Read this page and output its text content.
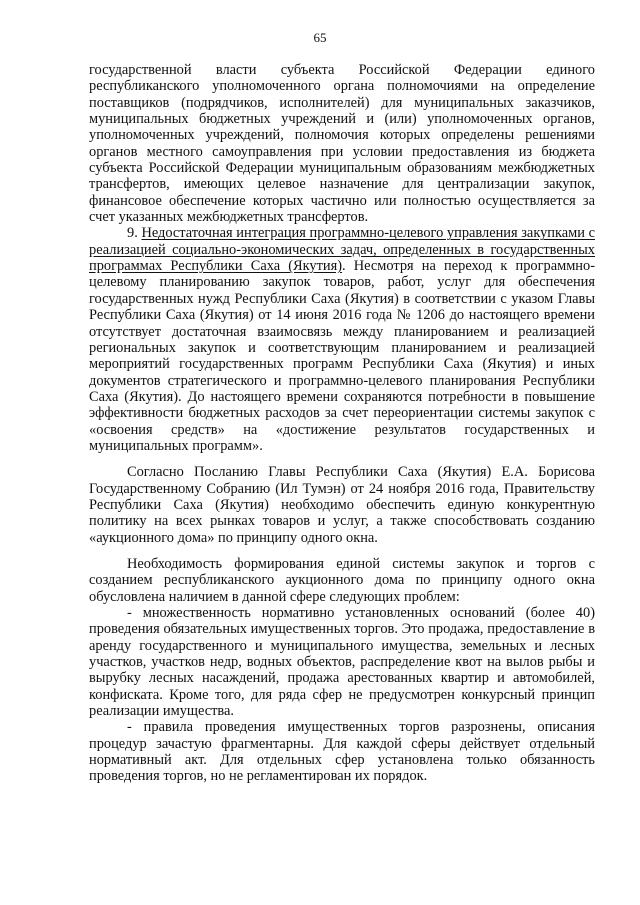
65

государственной власти субъекта Российской Федерации единого республиканского уполномоченного органа полномочиями на определение поставщиков (подрядчиков, исполнителей) для муниципальных заказчиков, муниципальных бюджетных учреждений и (или) уполномоченных органов, уполномоченных учреждений, полномочия которых определены решениями органов местного самоуправления при условии предоставления из бюджета субъекта Российской Федерации муниципальным образованиям межбюджетных трансфертов, имеющих целевое назначение для централизации закупок, финансовое обеспечение которых частично или полностью осуществляется за счет указанных межбюджетных трансфертов.

9. Недостаточная интеграция программно-целевого управления закупками с реализацией социально-экономических задач, определенных в государственных программах Республики Саха (Якутия). Несмотря на переход к программно-целевому планированию закупок товаров, работ, услуг для обеспечения государственных нужд Республики Саха (Якутия) в соответствии с указом Главы Республики Саха (Якутия) от 14 июня 2016 года № 1206 до настоящего времени отсутствует достаточная взаимосвязь между планированием и реализацией региональных закупок и соответствующим планированием и реализацией мероприятий государственных программ Республики Саха (Якутия) и иных документов стратегического и программно-целевого планирования Республики Саха (Якутия). До настоящего времени сохраняются потребности в повышение эффективности бюджетных расходов за счет переориентации системы закупок с «освоения средств» на «достижение результатов государственных и муниципальных программ».

Согласно Посланию Главы Республики Саха (Якутия) Е.А. Борисова Государственному Собранию (Ил Тумэн) от 24 ноября 2016 года, Правительству Республики Саха (Якутия) необходимо обеспечить единую конкурентную политику на всех рынках товаров и услуг, а также способствовать созданию «аукционного дома» по принципу одного окна.

Необходимость формирования единой системы закупок и торгов с созданием республиканского аукционного дома по принципу одного окна обусловлена наличием в данной сфере следующих проблем:

- множественность нормативно установленных оснований (более 40) проведения обязательных имущественных торгов. Это продажа, предоставление в аренду государственного и муниципального имущества, земельных и лесных участков, участков недр, водных объектов, распределение квот на вылов рыбы и вырубку лесных насаждений, продажа арестованных квартир и автомобилей, конфиската. Кроме того, для ряда сфер не предусмотрен конкурсный принцип реализации имущества.

- правила проведения имущественных торгов разрознены, описания процедур зачастую фрагментарны. Для каждой сферы действует отдельный нормативный акт. Для отдельных сфер установлена только обязанность проведения торгов, но не регламентирован их порядок.
